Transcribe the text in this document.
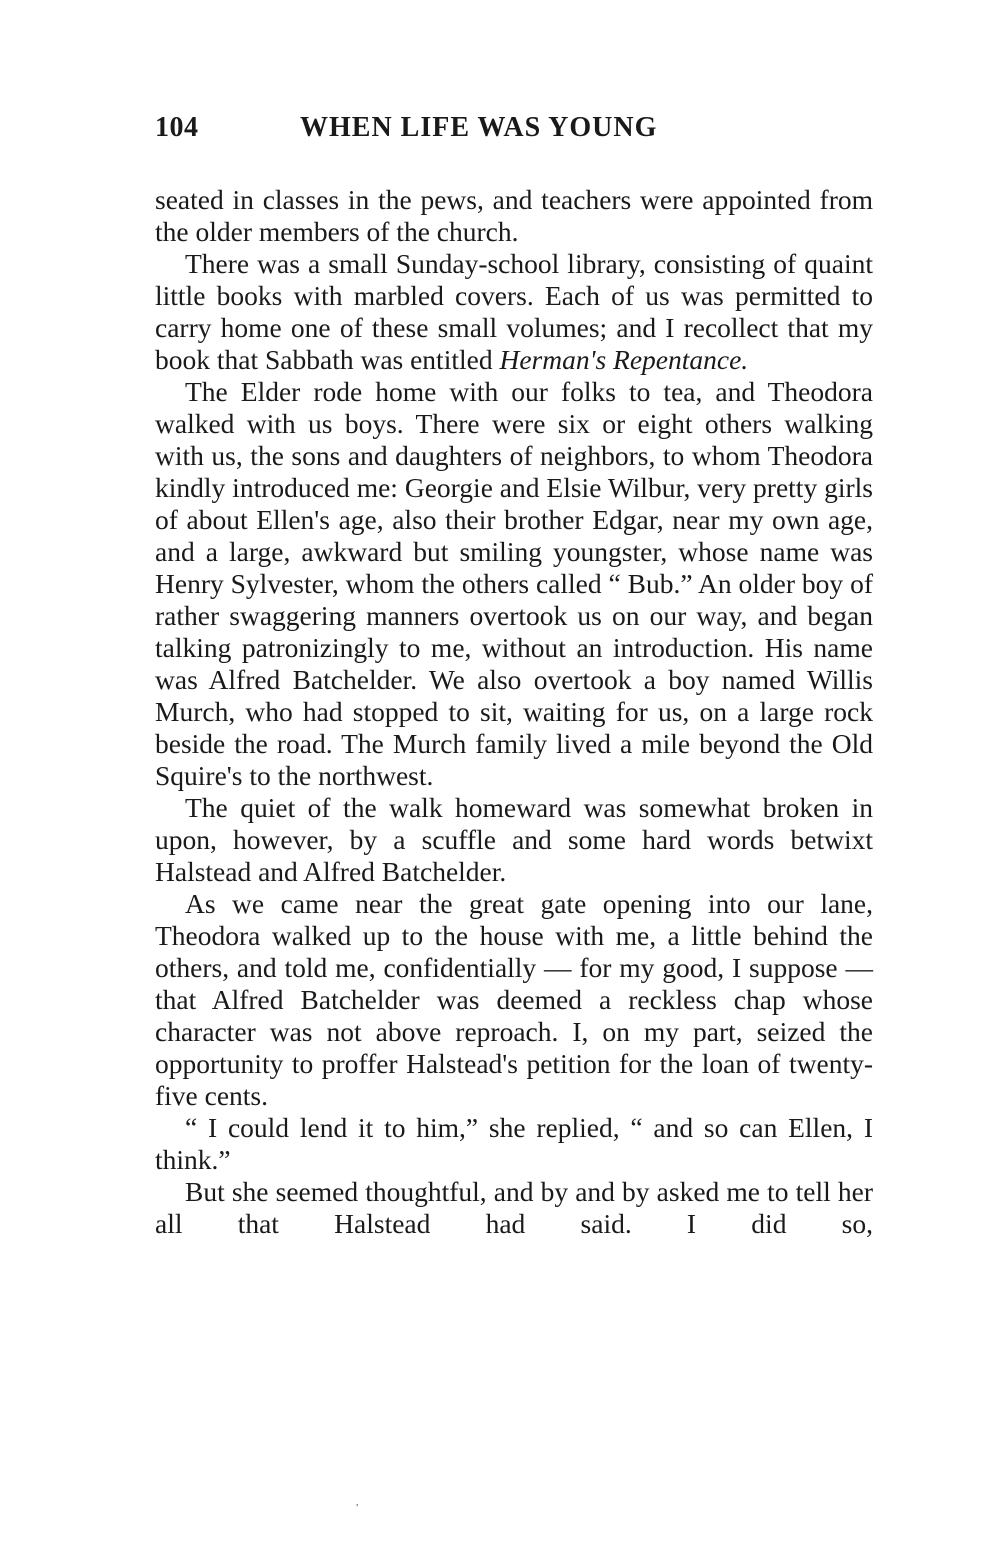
104	WHEN LIFE WAS YOUNG

seated in classes in the pews, and teachers were appointed from the older members of the church.

There was a small Sunday-school library, consisting of quaint little books with marbled covers. Each of us was permitted to carry home one of these small volumes; and I recollect that my book that Sabbath was entitled Herman's Repentance.

The Elder rode home with our folks to tea, and Theodora walked with us boys. There were six or eight others walking with us, the sons and daughters of neighbors, to whom Theodora kindly introduced me: Georgie and Elsie Wilbur, very pretty girls of about Ellen's age, also their brother Edgar, near my own age, and a large, awkward but smiling youngster, whose name was Henry Sylvester, whom the others called “ Bub.” An older boy of rather swaggering manners overtook us on our way, and began talking patronizingly to me, without an introduction. His name was Alfred Batchelder. We also overtook a boy named Willis Murch, who had stopped to sit, waiting for us, on a large rock beside the road. The Murch family lived a mile beyond the Old Squire's to the northwest.

The quiet of the walk homeward was somewhat broken in upon, however, by a scuffle and some hard words betwixt Halstead and Alfred Batchelder.

As we came near the great gate opening into our lane, Theodora walked up to the house with me, a little behind the others, and told me, confidentially — for my good, I suppose — that Alfred Batchelder was deemed a reckless chap whose character was not above reproach. I, on my part, seized the opportunity to proffer Halstead's petition for the loan of twenty-five cents.

“ I could lend it to him,” she replied, “ and so can Ellen, I think.”

But she seemed thoughtful, and by and by asked me to tell her all that Halstead had said. I did so,

,
